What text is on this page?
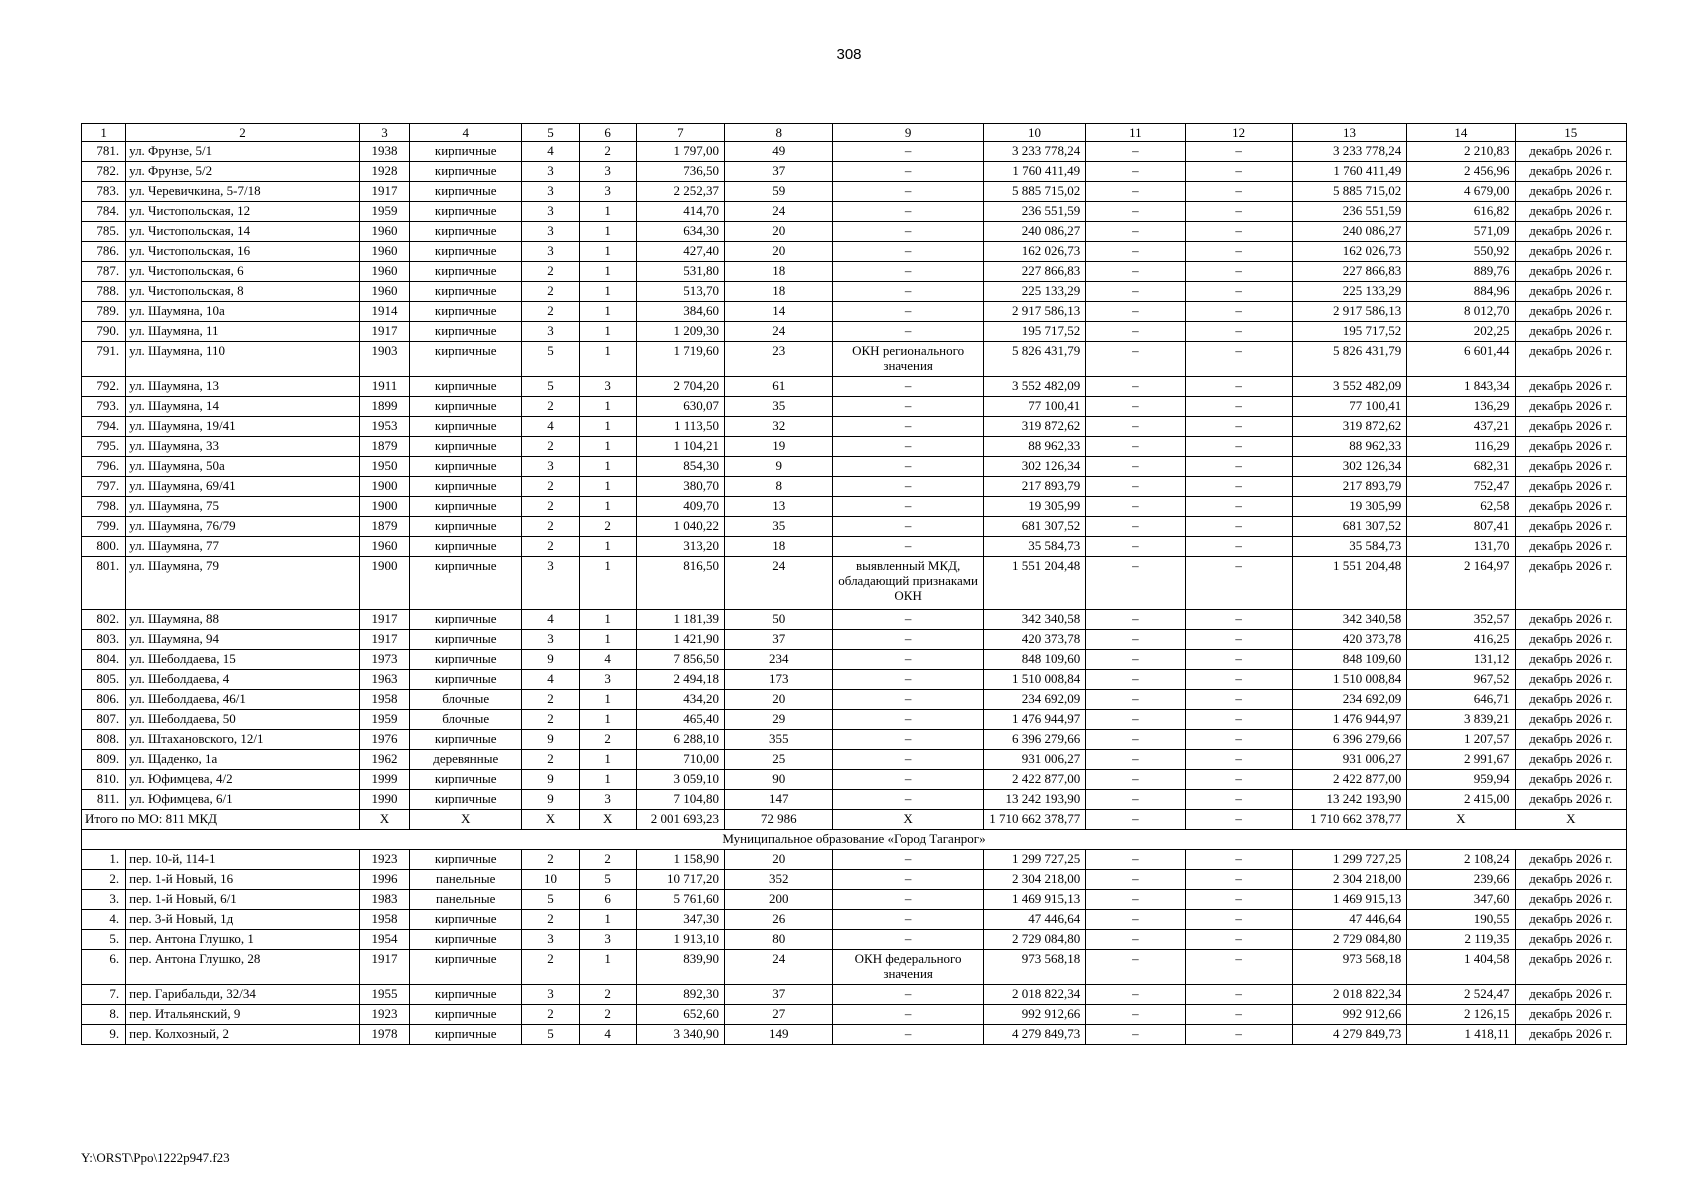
308
1	2	3	4	5	6	7	8	9	10	11	12	13	14	15
781.	ул. Фрунзе, 5/1	1938	кирпичные	4	2	1 797,00	49	–	3 233 778,24	–	–	3 233 778,24	2 210,83	декабрь 2026 г.
782.	ул. Фрунзе, 5/2	1928	кирпичные	3	3	736,50	37	–	1 760 411,49	–	–	1 760 411,49	2 456,96	декабрь 2026 г.
783.	ул. Черевичкина, 5-7/18	1917	кирпичные	3	3	2 252,37	59	–	5 885 715,02	–	–	5 885 715,02	4 679,00	декабрь 2026 г.
784.	ул. Чистопольская, 12	1959	кирпичные	3	1	414,70	24	–	236 551,59	–	–	236 551,59	616,82	декабрь 2026 г.
785.	ул. Чистопольская, 14	1960	кирпичные	3	1	634,30	20	–	240 086,27	–	–	240 086,27	571,09	декабрь 2026 г.
786.	ул. Чистопольская, 16	1960	кирпичные	3	1	427,40	20	–	162 026,73	–	–	162 026,73	550,92	декабрь 2026 г.
787.	ул. Чистопольская, 6	1960	кирпичные	2	1	531,80	18	–	227 866,83	–	–	227 866,83	889,76	декабрь 2026 г.
788.	ул. Чистопольская, 8	1960	кирпичные	2	1	513,70	18	–	225 133,29	–	–	225 133,29	884,96	декабрь 2026 г.
789.	ул. Шаумяна, 10а	1914	кирпичные	2	1	384,60	14	–	2 917 586,13	–	–	2 917 586,13	8 012,70	декабрь 2026 г.
790.	ул. Шаумяна, 11	1917	кирпичные	3	1	1 209,30	24	–	195 717,52	–	–	195 717,52	202,25	декабрь 2026 г.
791.	ул. Шаумяна, 110	1903	кирпичные	5	1	1 719,60	23	ОКН регионального значения	5 826 431,79	–	–	5 826 431,79	6 601,44	декабрь 2026 г.
792.	ул. Шаумяна, 13	1911	кирпичные	5	3	2 704,20	61	–	3 552 482,09	–	–	3 552 482,09	1 843,34	декабрь 2026 г.
793.	ул. Шаумяна, 14	1899	кирпичные	2	1	630,07	35	–	77 100,41	–	–	77 100,41	136,29	декабрь 2026 г.
794.	ул. Шаумяна, 19/41	1953	кирпичные	4	1	1 113,50	32	–	319 872,62	–	–	319 872,62	437,21	декабрь 2026 г.
795.	ул. Шаумяна, 33	1879	кирпичные	2	1	1 104,21	19	–	88 962,33	–	–	88 962,33	116,29	декабрь 2026 г.
796.	ул. Шаумяна, 50а	1950	кирпичные	3	1	854,30	9	–	302 126,34	–	–	302 126,34	682,31	декабрь 2026 г.
797.	ул. Шаумяна, 69/41	1900	кирпичные	2	1	380,70	8	–	217 893,79	–	–	217 893,79	752,47	декабрь 2026 г.
798.	ул. Шаумяна, 75	1900	кирпичные	2	1	409,70	13	–	19 305,99	–	–	19 305,99	62,58	декабрь 2026 г.
799.	ул. Шаумяна, 76/79	1879	кирпичные	2	2	1 040,22	35	–	681 307,52	–	–	681 307,52	807,41	декабрь 2026 г.
800.	ул. Шаумяна, 77	1960	кирпичные	2	1	313,20	18	–	35 584,73	–	–	35 584,73	131,70	декабрь 2026 г.
801.	ул. Шаумяна, 79	1900	кирпичные	3	1	816,50	24	выявленный МКД, обладающий признаками ОКН	1 551 204,48	–	–	1 551 204,48	2 164,97	декабрь 2026 г.
802.	ул. Шаумяна, 88	1917	кирпичные	4	1	1 181,39	50	–	342 340,58	–	–	342 340,58	352,57	декабрь 2026 г.
803.	ул. Шаумяна, 94	1917	кирпичные	3	1	1 421,90	37	–	420 373,78	–	–	420 373,78	416,25	декабрь 2026 г.
804.	ул. Шеболдаева, 15	1973	кирпичные	9	4	7 856,50	234	–	848 109,60	–	–	848 109,60	131,12	декабрь 2026 г.
805.	ул. Шеболдаева, 4	1963	кирпичные	4	3	2 494,18	173	–	1 510 008,84	–	–	1 510 008,84	967,52	декабрь 2026 г.
806.	ул. Шеболдаева, 46/1	1958	блочные	2	1	434,20	20	–	234 692,09	–	–	234 692,09	646,71	декабрь 2026 г.
807.	ул. Шеболдаева, 50	1959	блочные	2	1	465,40	29	–	1 476 944,97	–	–	1 476 944,97	3 839,21	декабрь 2026 г.
808.	ул. Штахановского, 12/1	1976	кирпичные	9	2	6 288,10	355	–	6 396 279,66	–	–	6 396 279,66	1 207,57	декабрь 2026 г.
809.	ул. Щаденко, 1а	1962	деревянные	2	1	710,00	25	–	931 006,27	–	–	931 006,27	2 991,67	декабрь 2026 г.
810.	ул. Юфимцева, 4/2	1999	кирпичные	9	1	3 059,10	90	–	2 422 877,00	–	–	2 422 877,00	959,94	декабрь 2026 г.
811.	ул. Юфимцева, 6/1	1990	кирпичные	9	3	7 104,80	147	–	13 242 193,90	–	–	13 242 193,90	2 415,00	декабрь 2026 г.
Итого по МО: 811 МКД		X	X	X	X	2 001 693,23	72 986	X	1 710 662 378,77	–	–	1 710 662 378,77	X	X
Муниципальное образование «Город Таганрог»														
1.	пер. 10-й, 114-1	1923	кирпичные	2	2	1 158,90	20	–	1 299 727,25	–	–	1 299 727,25	2 108,24	декабрь 2026 г.
2.	пер. 1-й Новый, 16	1996	панельные	10	5	10 717,20	352	–	2 304 218,00	–	–	2 304 218,00	239,66	декабрь 2026 г.
3.	пер. 1-й Новый, 6/1	1983	панельные	5	6	5 761,60	200	–	1 469 915,13	–	–	1 469 915,13	347,60	декабрь 2026 г.
4.	пер. 3-й Новый, 1д	1958	кирпичные	2	1	347,30	26	–	47 446,64	–	–	47 446,64	190,55	декабрь 2026 г.
5.	пер. Антона Глушко, 1	1954	кирпичные	3	3	1 913,10	80	–	2 729 084,80	–	–	2 729 084,80	2 119,35	декабрь 2026 г.
6.	пер. Антона Глушко, 28	1917	кирпичные	2	1	839,90	24	ОКН федерального значения	973 568,18	–	–	973 568,18	1 404,58	декабрь 2026 г.
7.	пер. Гарибальди, 32/34	1955	кирпичные	3	2	892,30	37	–	2 018 822,34	–	–	2 018 822,34	2 524,47	декабрь 2026 г.
8.	пер. Итальянский, 9	1923	кирпичные	2	2	652,60	27	–	992 912,66	–	–	992 912,66	2 126,15	декабрь 2026 г.
9.	пер. Колхозный, 2	1978	кирпичные	5	4	3 340,90	149	–	4 279 849,73	–	–	4 279 849,73	1 418,11	декабрь 2026 г.
Y:\ORST\Ppo\1222p947.f23
